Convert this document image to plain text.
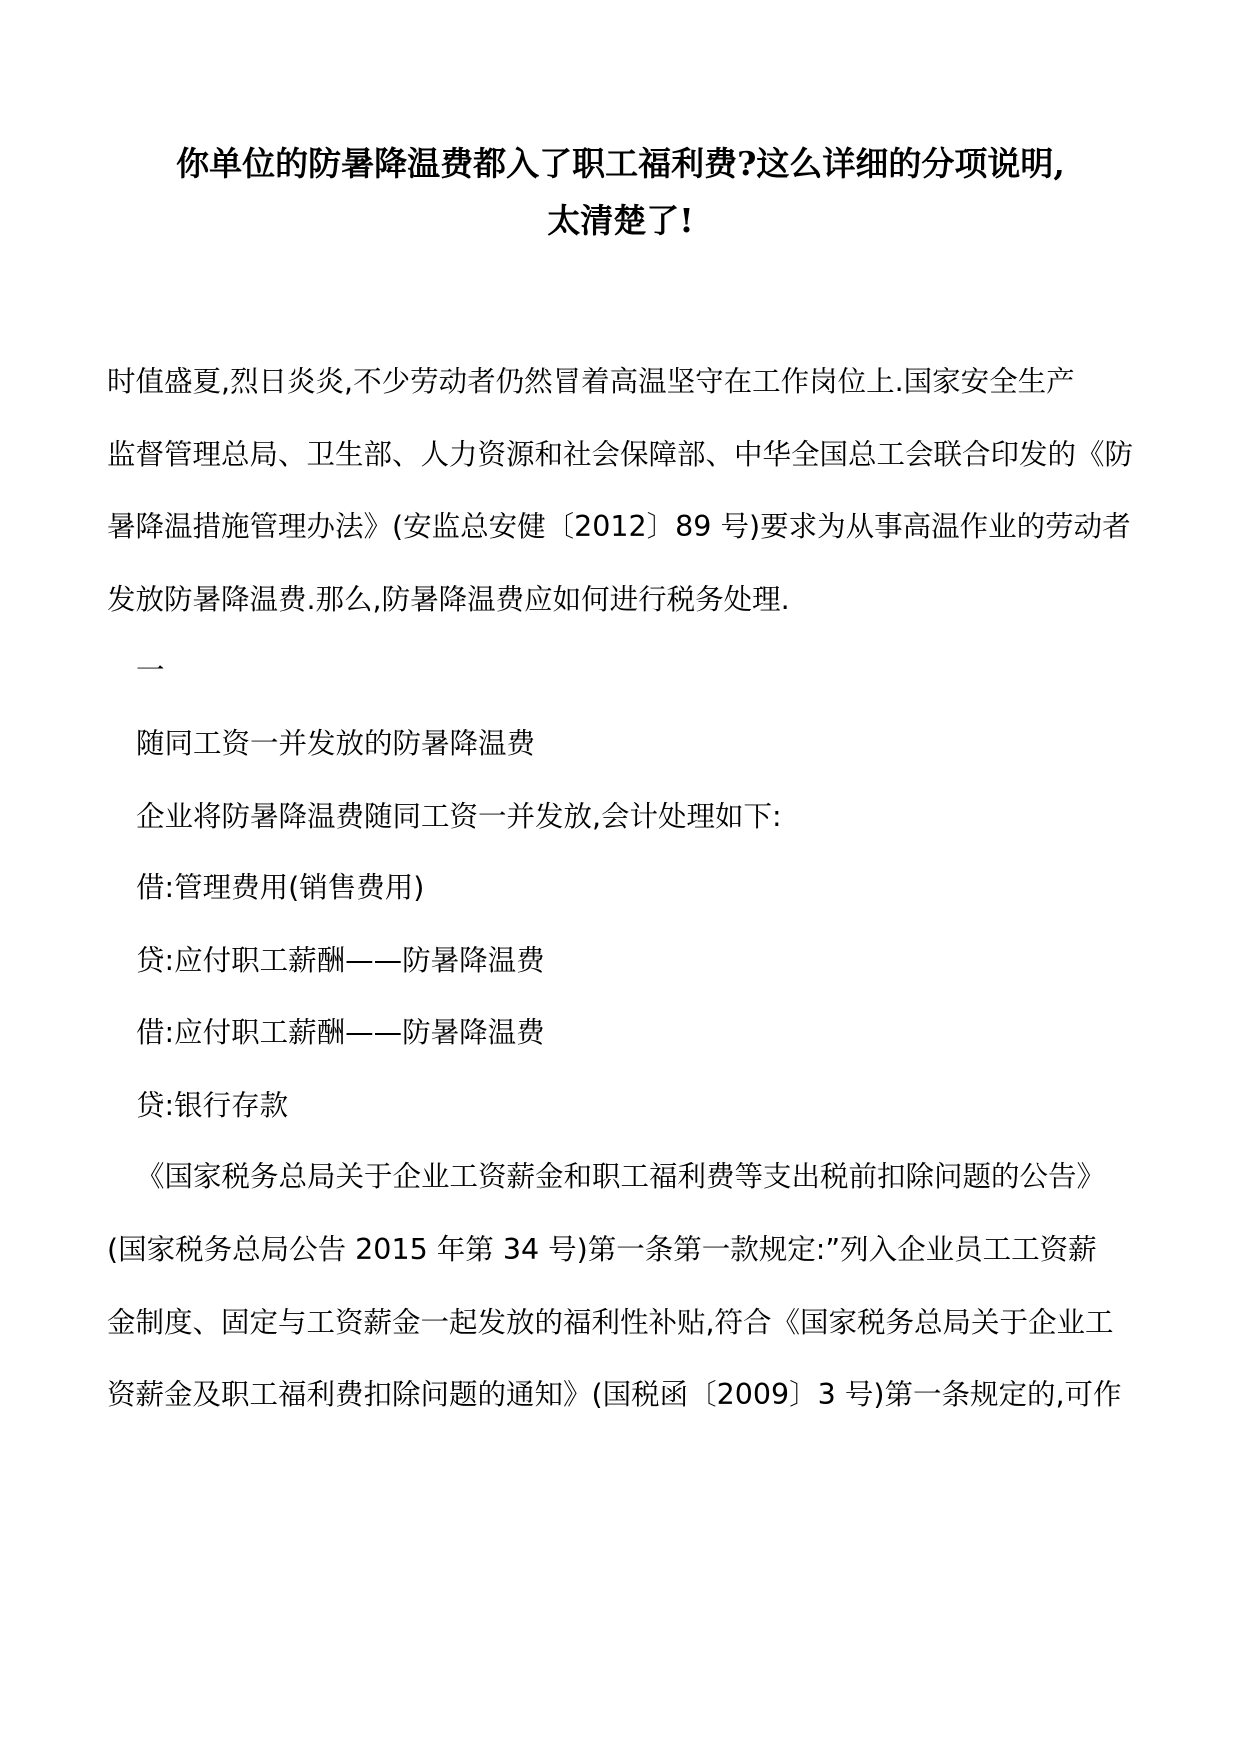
你单位的防暑降温费都入了职工福利费?这么详细的分项说明,
太清楚了!
时值盛夏,烈日炎炎,不少劳动者仍然冒着高温坚守在工作岗位上.国家安全生产
监督管理总局、卫生部、人力资源和社会保障部、中华全国总工会联合印发的《防
暑降温措施管理办法》(安监总安健〔2012〕89 号)要求为从事高温作业的劳动者
发放防暑降温费.那么,防暑降温费应如何进行税务处理.
一
随同工资一并发放的防暑降温费
企业将防暑降温费随同工资一并发放,会计处理如下:
借:管理费用(销售费用)
贷:应付职工薪酬——防暑降温费
借:应付职工薪酬——防暑降温费
贷:银行存款
《国家税务总局关于企业工资薪金和职工福利费等支出税前扣除问题的公告》
(国家税务总局公告 2015 年第 34 号)第一条第一款规定:”列入企业员工工资薪
金制度、固定与工资薪金一起发放的福利性补贴,符合《国家税务总局关于企业工
资薪金及职工福利费扣除问题的通知》(国税函〔2009〕3 号)第一条规定的,可作
